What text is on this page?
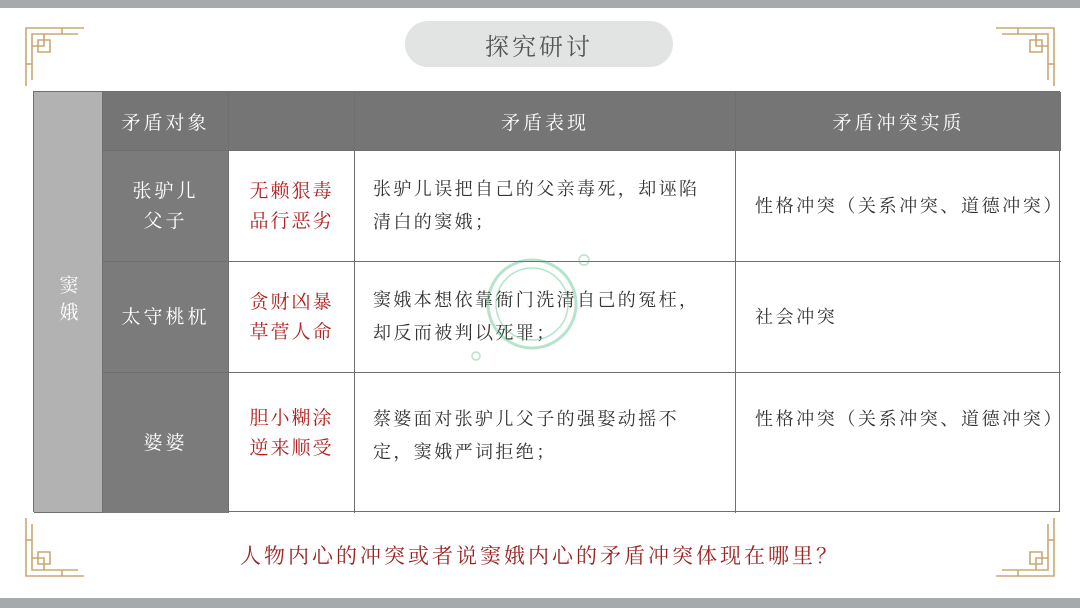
探究研讨
窦娥
矛盾对象	矛盾表现	矛盾冲突实质
张驴儿
父子
无赖狠毒
品行恶劣
张驴儿误把自己的父亲毒死，却诬陷清白的窦娥；
性格冲突（关系冲突、道德冲突）
太守桃杌
贪财凶暴
草菅人命
窦娥本想依靠衙门洗清自己的冤枉，却反而被判以死罪；
社会冲突
婆婆
胆小糊涂
逆来顺受
蔡婆面对张驴儿父子的强娶动摇不定，窦娥严词拒绝；
性格冲突（关系冲突、道德冲突）
人物内心的冲突或者说窦娥内心的矛盾冲突体现在哪里？
